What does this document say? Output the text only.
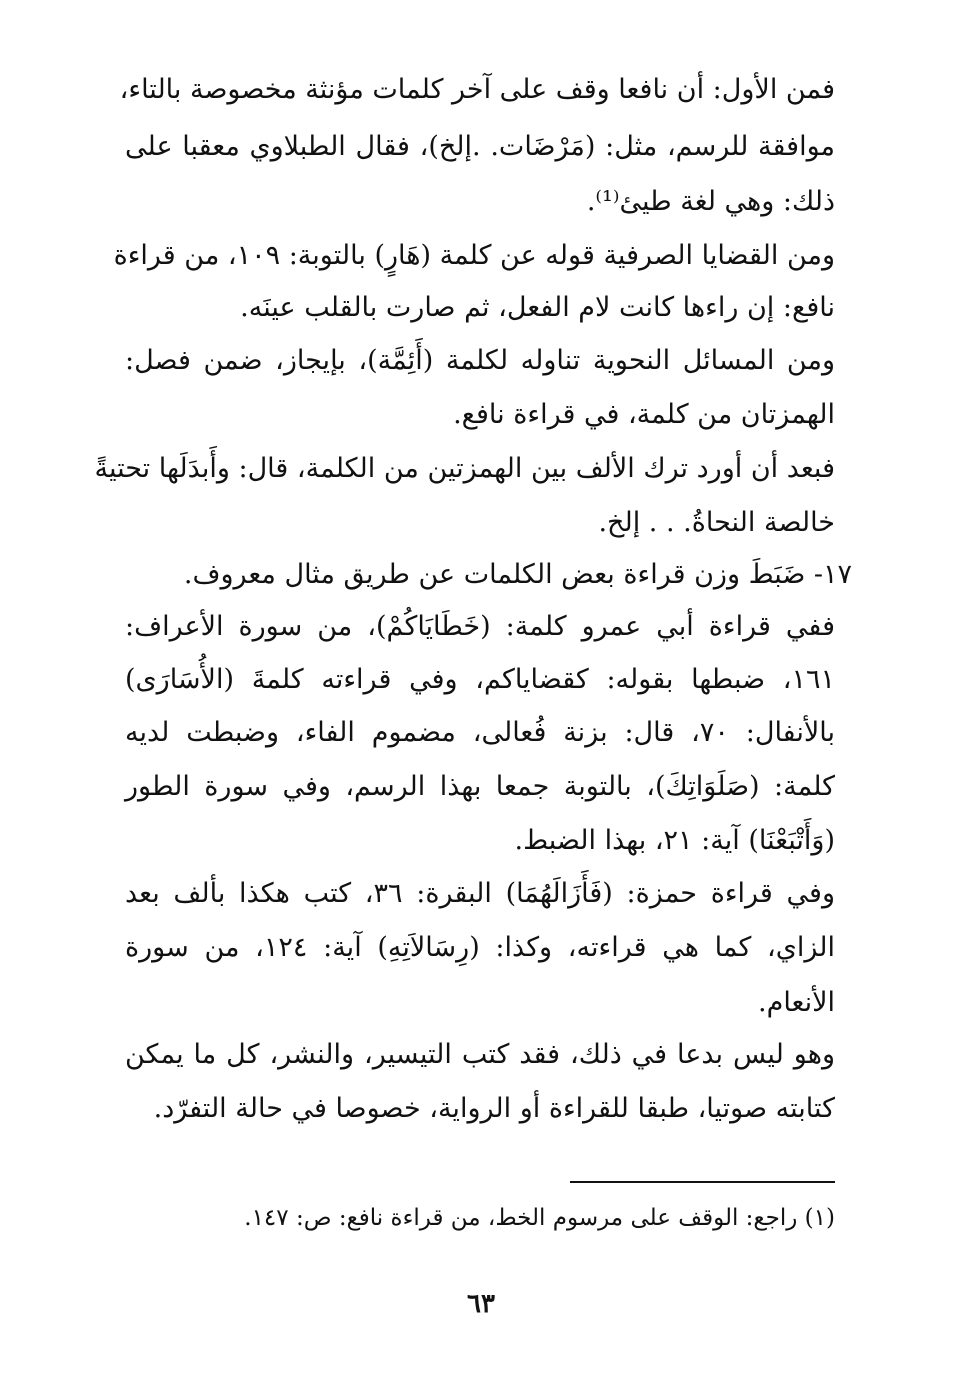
فمن الأول: أن نافعا وقف على آخر كلمات مؤنثة مخصوصة بالتاء،
موافقة للرسم، مثل: (مَرْضَات. .إلخ)، فقال الطبلاوي معقبا على
ذلك: وهي لغة طيئ⁽¹⁾.
ومن القضايا الصرفية قوله عن كلمة (هَارٍ) بالتوبة: ١٠٩، من قراءة
نافع: إن راءها كانت لام الفعل، ثم صارت بالقلب عينَه.
ومن المسائل النحوية تناوله لكلمة (أَئِمَّة)، بإيجاز، ضمن فصل:
الهمزتان من كلمة، في قراءة نافع.
فبعد أن أورد ترك الألف بين الهمزتين من الكلمة، قال: وأَبدَلَها تحتيةً
خالصة النحاةُ. . . إلخ.
١٧- ضَبَطَ وزن قراءة بعض الكلمات عن طريق مثال معروف.
ففي قراءة أبي عمرو كلمة: (خَطَايَاكُمْ)، من سورة الأعراف:
١٦١، ضبطها بقوله: كقضاياكم، وفي قراءته كلمةَ (الأُسَارَى)
بالأنفال: ٧٠، قال: بزنة فُعالى، مضموم الفاء، وضبطت لديه
كلمة: (صَلَوَاتِكَ)، بالتوبة جمعا بهذا الرسم، وفي سورة الطور
(وَأَتْبَعْنَا) آية: ٢١، بهذا الضبط.
وفي قراءة حمزة: (فَأَزَالَهُمَا) البقرة: ٣٦، كتب هكذا بألف بعد
الزاي، كما هي قراءته، وكذا: (رِسَالاَتِهِ) آية: ١٢٤، من سورة
الأنعام.
وهو ليس بدعا في ذلك، فقد كتب التيسير، والنشر، كل ما يمكن
كتابته صوتيا، طبقا للقراءة أو الرواية، خصوصا في حالة التفرّد.
(١) راجع: الوقف على مرسوم الخط، من قراءة نافع: ص: ١٤٧.
٦٣
